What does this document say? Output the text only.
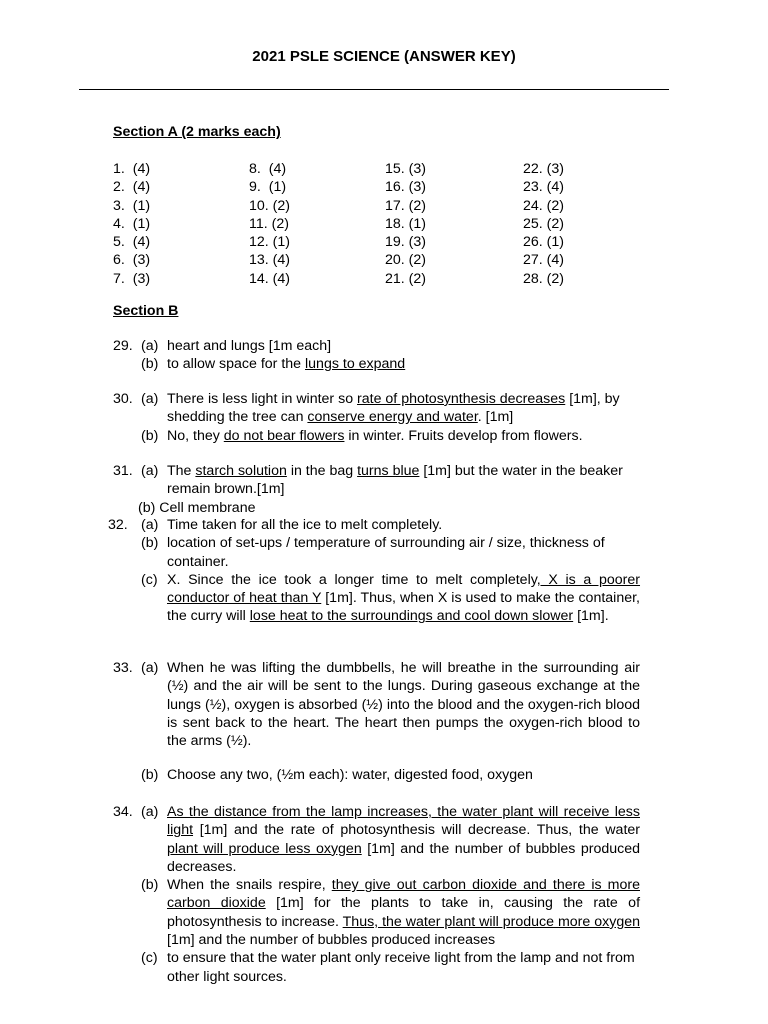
2021 PSLE SCIENCE (ANSWER KEY)
Section A (2 marks each)
1.  (4)
2.  (4)
3.  (1)
4.  (1)
5.  (4)
6.  (3)
7.  (3)
8.  (4)
9.  (1)
10. (2)
11. (2)
12. (1)
13. (4)
14. (4)
15. (3)
16. (3)
17. (2)
18. (1)
19. (3)
20. (2)
21. (2)
22. (3)
23. (4)
24. (2)
25. (2)
26. (1)
27. (4)
28. (2)
Section B
29. (a) heart and lungs [1m each]
(b) to allow space for the lungs to expand
30. (a) There is less light in winter so rate of photosynthesis decreases [1m], by shedding the tree can conserve energy and water. [1m]
(b) No, they do not bear flowers in winter. Fruits develop from flowers.
31. (a) The starch solution in the bag turns blue [1m] but the water in the beaker remain brown.[1m]
(b) Cell membrane
32. (a) Time taken for all the ice to melt completely.
(b) location of set-ups / temperature of surrounding air / size, thickness of container.
(c) X. Since the ice took a longer time to melt completely, X is a poorer conductor of heat than Y [1m]. Thus, when X is used to make the container, the curry will lose heat to the surroundings and cool down slower [1m].
33. (a) When he was lifting the dumbbells, he will breathe in the surrounding air (½) and the air will be sent to the lungs. During gaseous exchange at the lungs (½), oxygen is absorbed (½) into the blood and the oxygen-rich blood is sent back to the heart. The heart then pumps the oxygen-rich blood to the arms (½).
(b) Choose any two, (½m each): water, digested food, oxygen
34. (a) As the distance from the lamp increases, the water plant will receive less light [1m] and the rate of photosynthesis will decrease. Thus, the water plant will produce less oxygen [1m] and the number of bubbles produced decreases.
(b) When the snails respire, they give out carbon dioxide and there is more carbon dioxide [1m] for the plants to take in, causing the rate of photosynthesis to increase. Thus, the water plant will produce more oxygen [1m] and the number of bubbles produced increases
(c) to ensure that the water plant only receive light from the lamp and not from other light sources.
